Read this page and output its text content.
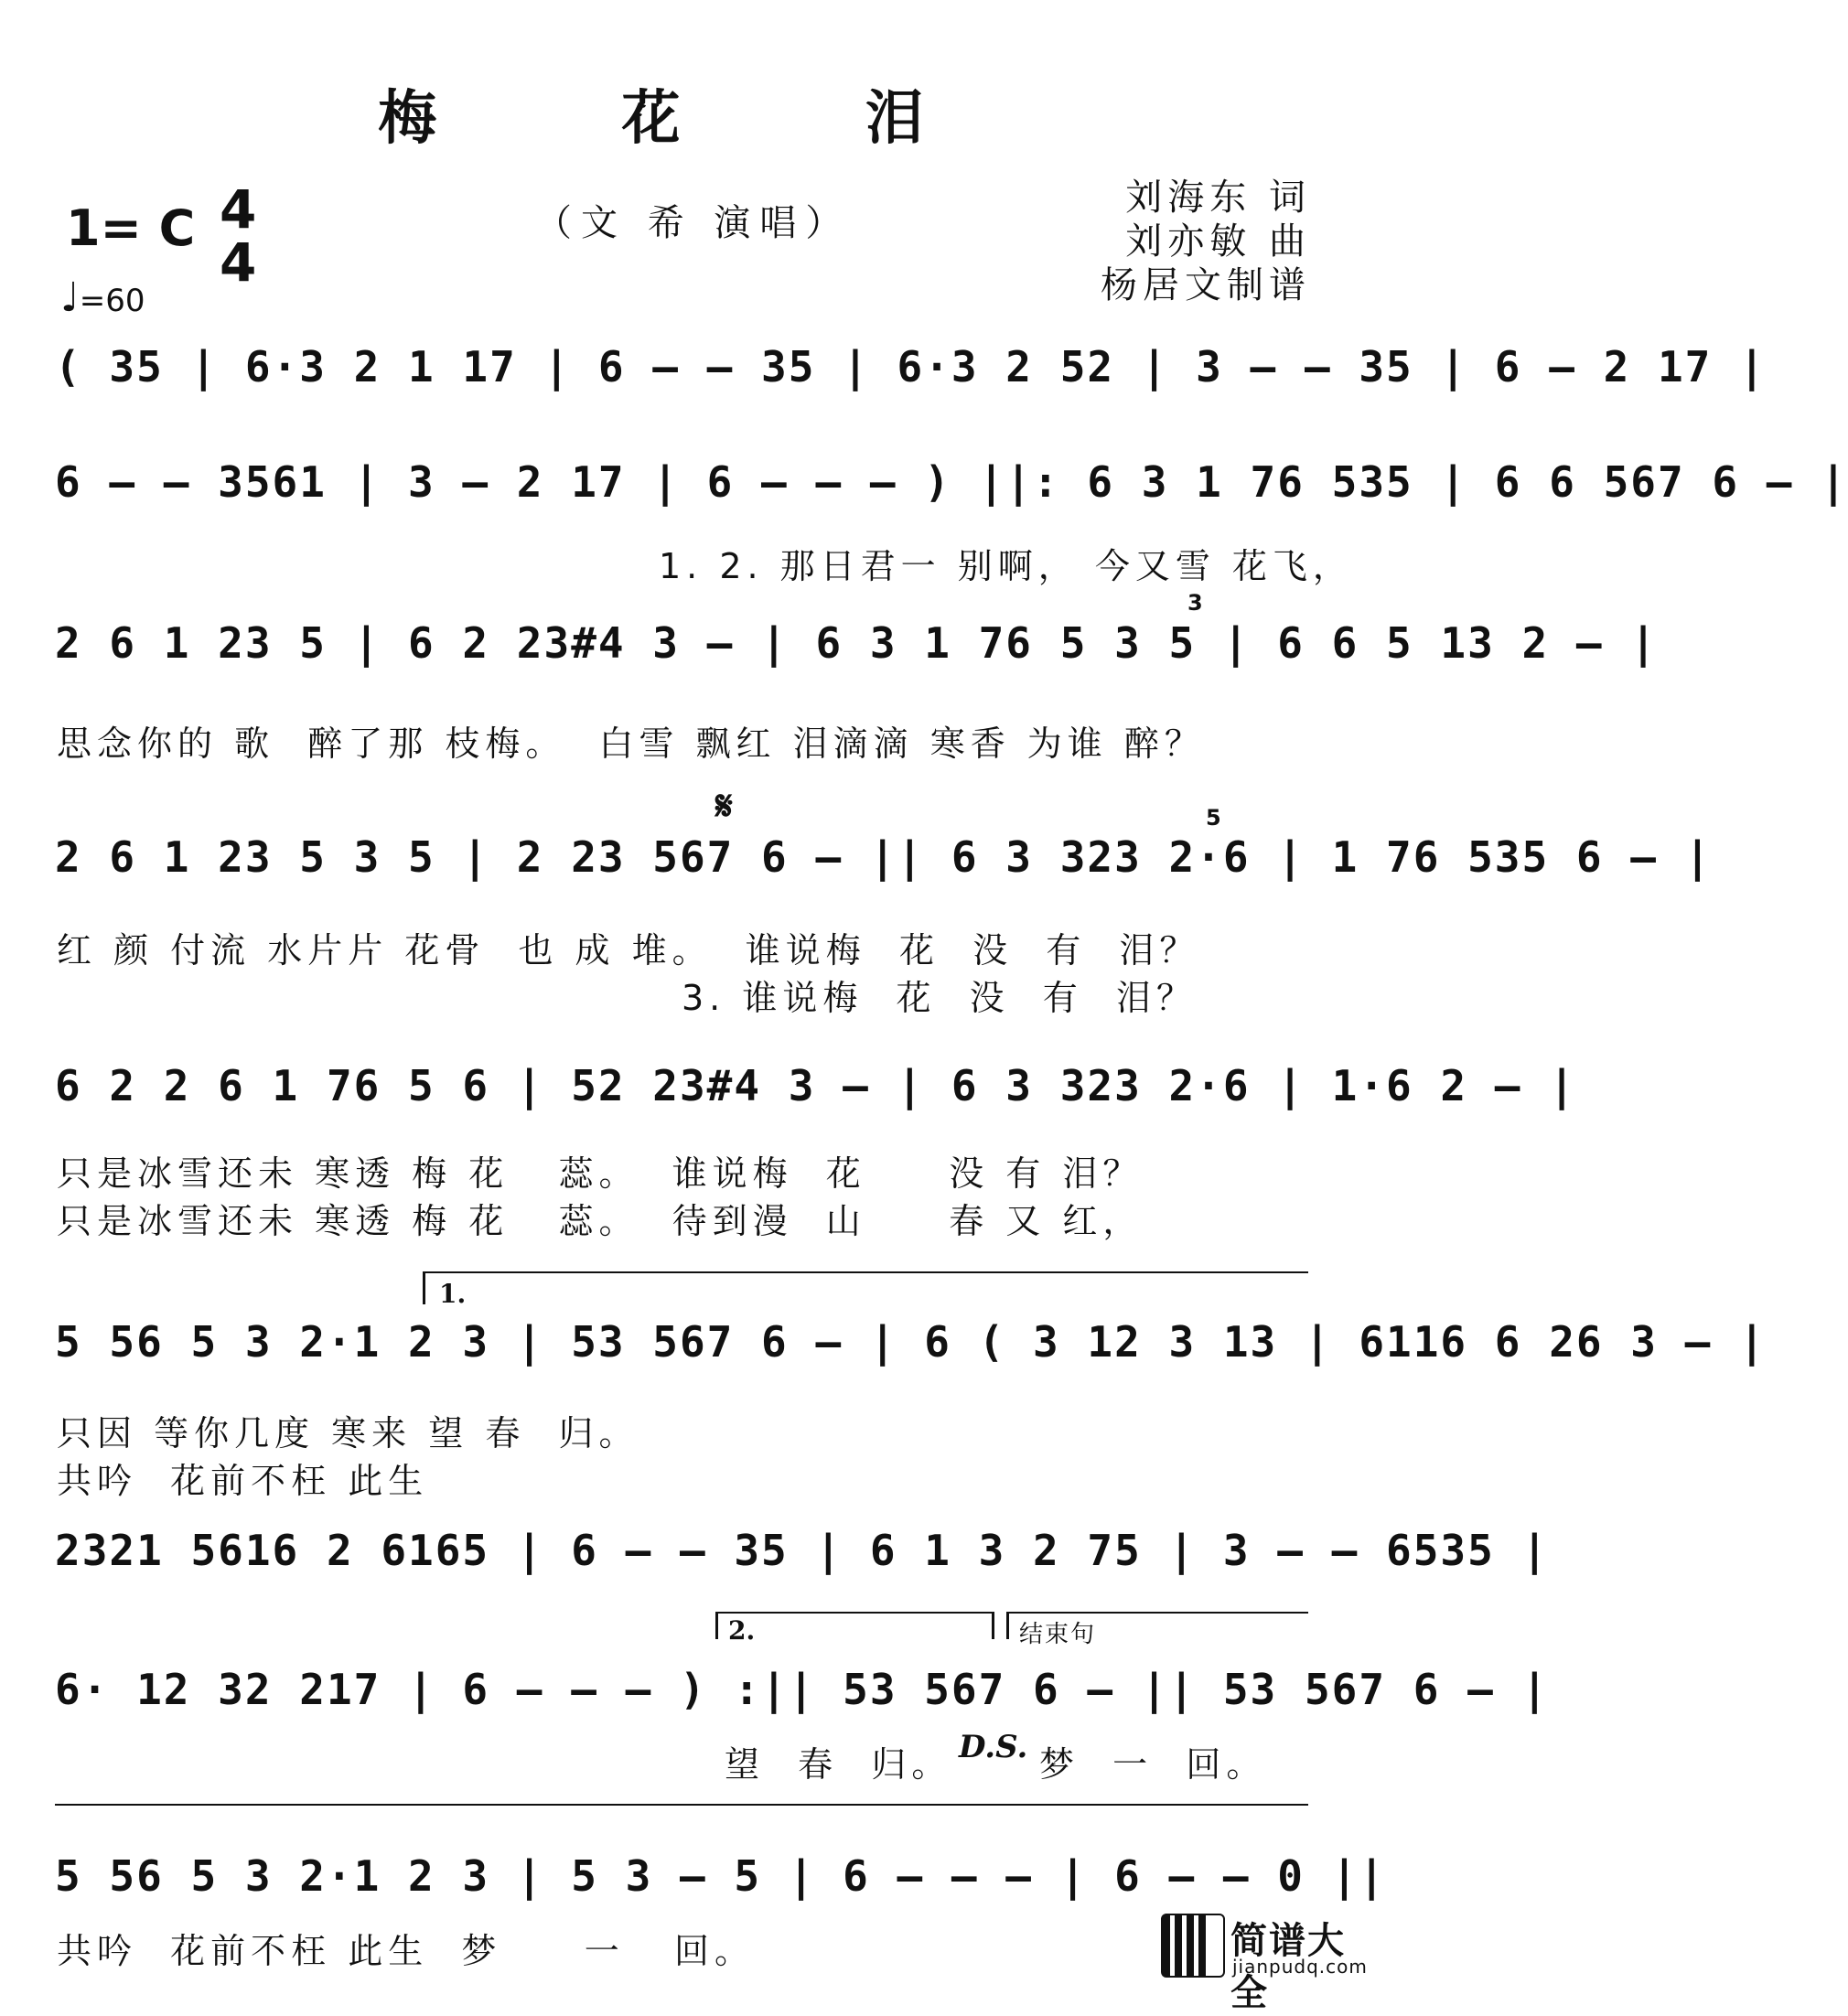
梅 花 泪
1= C 4
4
♩=60
（文 希 演唱）
刘海东 词
刘亦敏 曲
杨居文制谱
( 35 | 6·3 2 1 17 | 6 – – 35 | 6·3 2 52 | 3 – – 35 | 6 – 2 17 |
6 – – 3561 | 3 – 2 17 | 6 – – – ) ||: 6 3 1 76 535 | 6 6 567 6 – |
1. 2. 那日君一 别啊， 今又雪 花飞，
2 6 1 23 5 | 6 2 23#4 3 – | 6 3 1 76 5 3 5 | 6 6 5 13 2 – |
3
思念你的 歌  醉了那 枝梅。  白雪 飘红 泪滴滴 寒香 为谁 醉？
𝄋	5
2 6 1 23 5 3 5 | 2 23 567 6 – || 6 3 323 2·6 | 1 76 535 6 – |
红 颜 付流 水片片 花骨  也 成 堆。  谁说梅  花  没  有  泪？
3. 谁说梅  花  没  有  泪？
6 2 2 6 1 76 5 6 | 52 23#4 3 – | 6 3 323 2·6 | 1·6 2 – |
只是冰雪还未 寒透 梅 花   蕊。  谁说梅  花     没 有 泪？
只是冰雪还未 寒透 梅 花   蕊。  待到漫  山     春 又 红，
1.
5 56 5 3 2·1 2 3 | 53 567 6 – | 6 ( 3 12 3 13 | 6116 6 26 3 – |
只因 等你几度 寒来 望 春  归。
共吟  花前不枉 此生
2321 5616 2 6165 | 6 – – 35 | 6 1 3 2 75 | 3 – – 6535 |
2.	结束句
6· 12 32 217 | 6 – – – ) :|| 53 567 6 – || 53 567 6 – |
望  春  归。 D.S. 梦  一  回。
5 56 5 3 2·1 2 3 | 5 3 – 5 | 6 – – – | 6 – – 0 ||
共吟  花前不枉 此生  梦     一   回。	简谱大全
jianpudq.com
